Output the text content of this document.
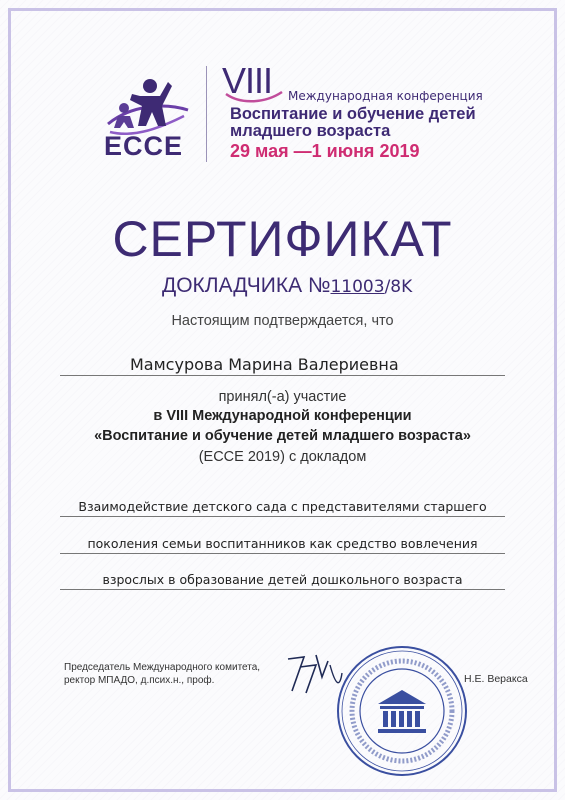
ECCE
VIII Международная конференция
Воспитание и обучение детей младшего возраста
29 мая —1 июня 2019
СЕРТИФИКАТ
ДОКЛАДЧИКА №11003/8K
Настоящим подтверждается, что
Мамсурова Марина Валериевна
принял(-а) участие
в VIII Международной конференции
«Воспитание и обучение детей младшего возраста»
(ECCE 2019) с докладом
Взаимодействие детского сада с представителями старшего
поколения семьи воспитанников как средство вовлечения
взрослых в образование детей дошкольного возраста
Председатель Международного комитета,
ректор МПАДО, д.псих.н., проф.	Н.Е. Веракса
